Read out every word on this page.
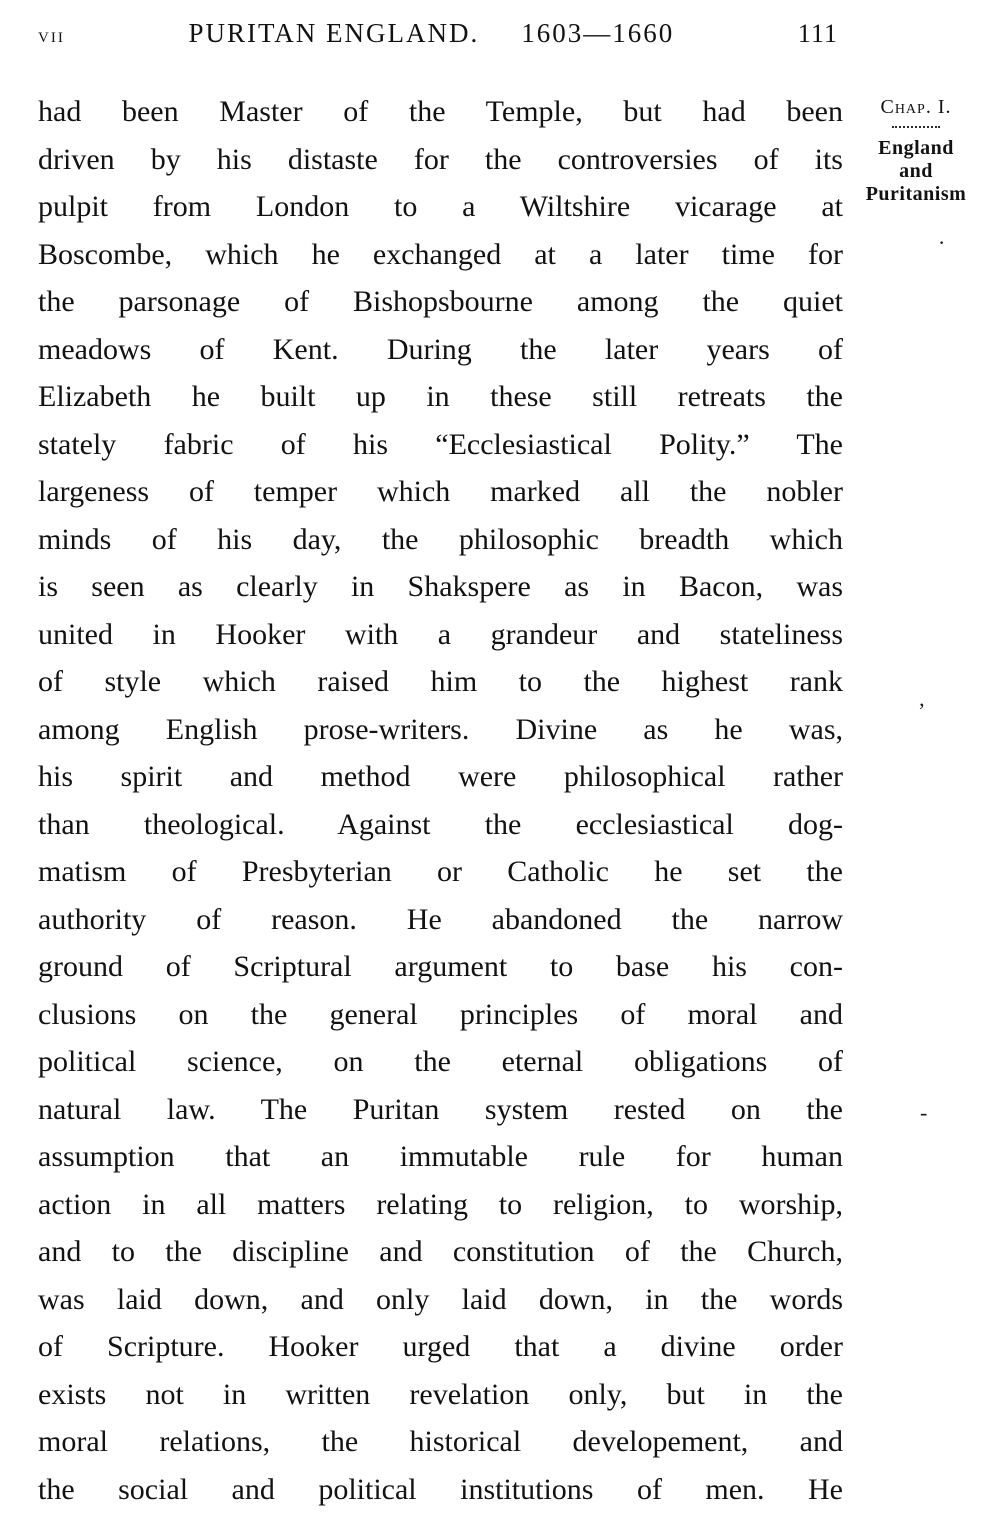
vii	PURITAN ENGLAND. 1603—1660	111
had been Master of the Temple, but had been
driven by his distaste for the controversies of its
pulpit from London to a Wiltshire vicarage at
Boscombe, which he exchanged at a later time for
the parsonage of Bishopsbourne among the quiet
meadows of Kent. During the later years of
Elizabeth he built up in these still retreats the
stately fabric of his “Ecclesiastical Polity.” The
largeness of temper which marked all the nobler
minds of his day, the philosophic breadth which
is seen as clearly in Shakspere as in Bacon, was
united in Hooker with a grandeur and stateliness
of style which raised him to the highest rank
among English prose-writers. Divine as he was,
his spirit and method were philosophical rather
than theological. Against the ecclesiastical dog-
matism of Presbyterian or Catholic he set the
authority of reason. He abandoned the narrow
ground of Scriptural argument to base his con-
clusions on the general principles of moral and
political science, on the eternal obligations of
natural law. The Puritan system rested on the
assumption that an immutable rule for human
action in all matters relating to religion, to worship,
and to the discipline and constitution of the Church,
was laid down, and only laid down, in the words
of Scripture. Hooker urged that a divine order
exists not in written revelation only, but in the
moral relations, the historical developement, and
the social and political institutions of men. He
Chap. I.
England
and
Puritanism
·
’
-
